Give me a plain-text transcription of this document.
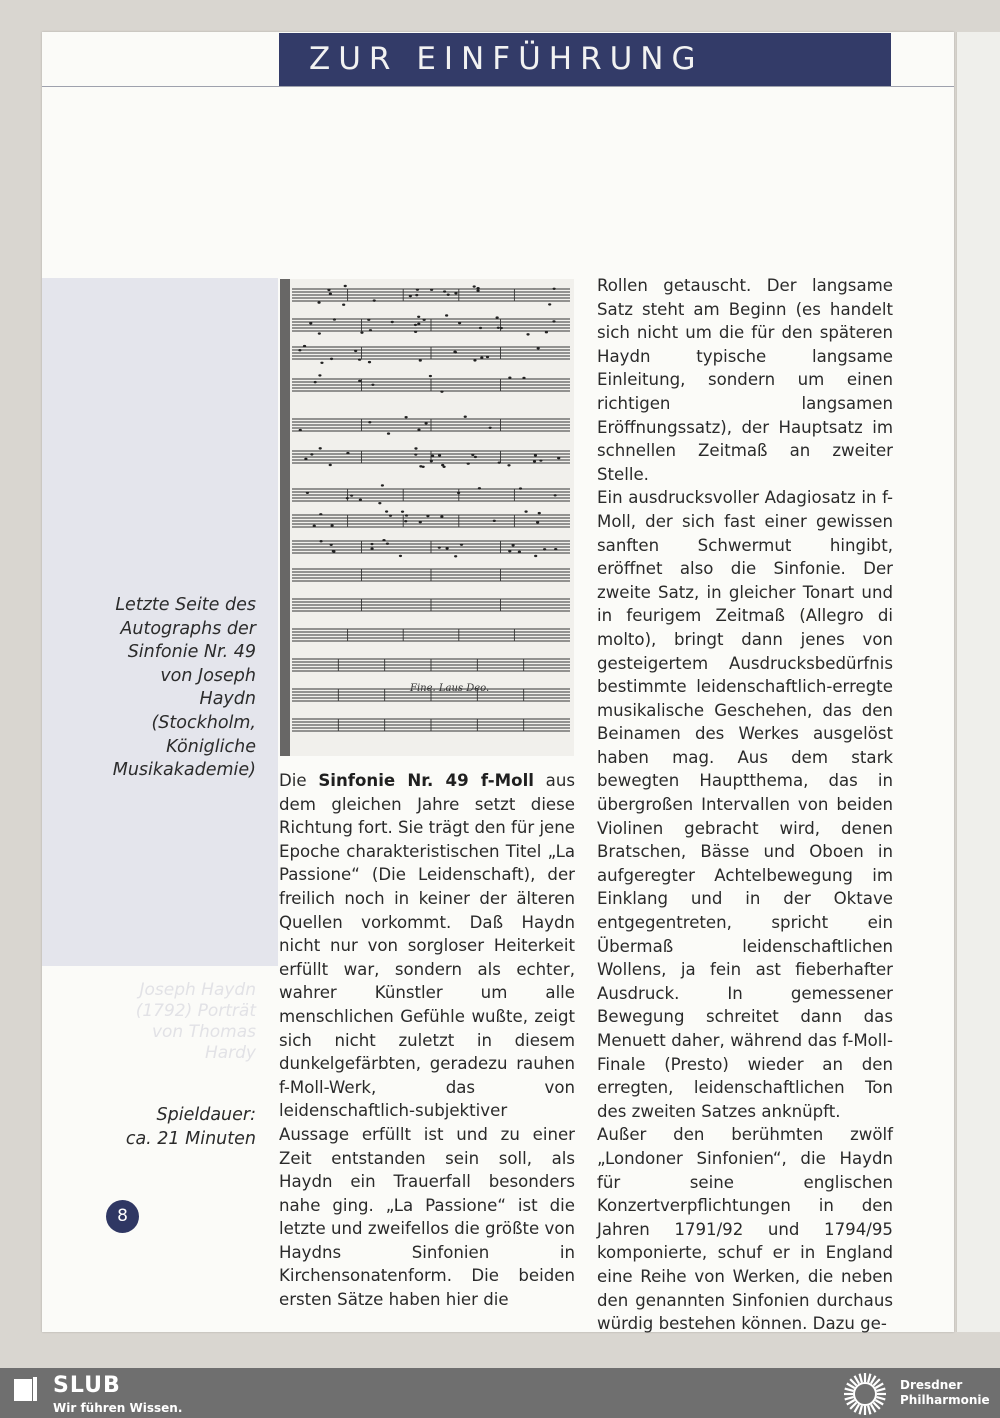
ZUR EINFÜHRUNG
Joseph Haydn (1792) Porträt von Thomas Hardy
Letzte Seite des Autographs der Sinfonie Nr. 49 von Joseph Haydn (Stockholm, Königliche Musikakademie)
Spieldauer:
ca. 21 Minuten
8
Fine. Laus Deo.

Die Sinfonie Nr. 49 f-Moll aus dem gleichen Jahre setzt diese Richtung fort. Sie trägt den für jene Epoche charakteristischen Titel „La Passione“ (Die Leidenschaft), der freilich noch in keiner der älteren Quellen vorkommt. Daß Haydn nicht nur von sorgloser Heiterkeit erfüllt war, sondern als echter, wahrer Künstler um alle menschlichen Gefühle wußte, zeigt sich nicht zuletzt in diesem dunkelgefärbten, geradezu rauhen f-Moll-Werk, das von leidenschaftlich-subjektiver Aussage erfüllt ist und zu einer Zeit entstanden sein soll, als Haydn ein Trauerfall besonders nahe ging. „La Passione“ ist die letzte und zweifellos die größte von Haydns Sinfonien in Kirchensonatenform. Die beiden ersten Sätze haben hier die

Rollen getauscht. Der langsame Satz steht am Beginn (es handelt sich nicht um die für den späteren Haydn typische langsame Einleitung, sondern um einen richtigen langsamen Eröffnungssatz), der Hauptsatz im schnellen Zeitmaß an zweiter Stelle.

Ein ausdrucksvoller Adagiosatz in f-Moll, der sich fast einer gewissen sanften Schwermut hingibt, eröffnet also die Sinfonie. Der zweite Satz, in gleicher Tonart und in feurigem Zeitmaß (Allegro di molto), bringt dann jenes von gesteigertem Ausdrucksbedürfnis bestimmte leidenschaftlich-erregte musikalische Geschehen, das den Beinamen des Werkes ausgelöst haben mag. Aus dem stark bewegten Hauptthema, das in übergroßen Intervallen von beiden Violinen gebracht wird, denen Bratschen, Bässe und Oboen in aufgeregter Achtelbewegung im Einklang und in der Oktave entgegentreten, spricht ein Übermaß leidenschaftlichen Wollens, ja fein ast fieberhafter Ausdruck. In gemessener Bewegung schreitet dann das Menuett daher, während das f-Moll-Finale (Presto) wieder an den erregten, leidenschaftlichen Ton des zweiten Satzes anknüpft.

Außer den berühmten zwölf „Londoner Sinfonien“, die Haydn für seine englischen Konzertverpflichtungen in den Jahren 1791/92 und 1794/95 komponierte, schuf er in England eine Reihe von Werken, die neben den genannten Sinfonien durchaus würdig bestehen können. Dazu ge-

SLUB
Wir führen Wissen.
Dresdner
Philharmonie
